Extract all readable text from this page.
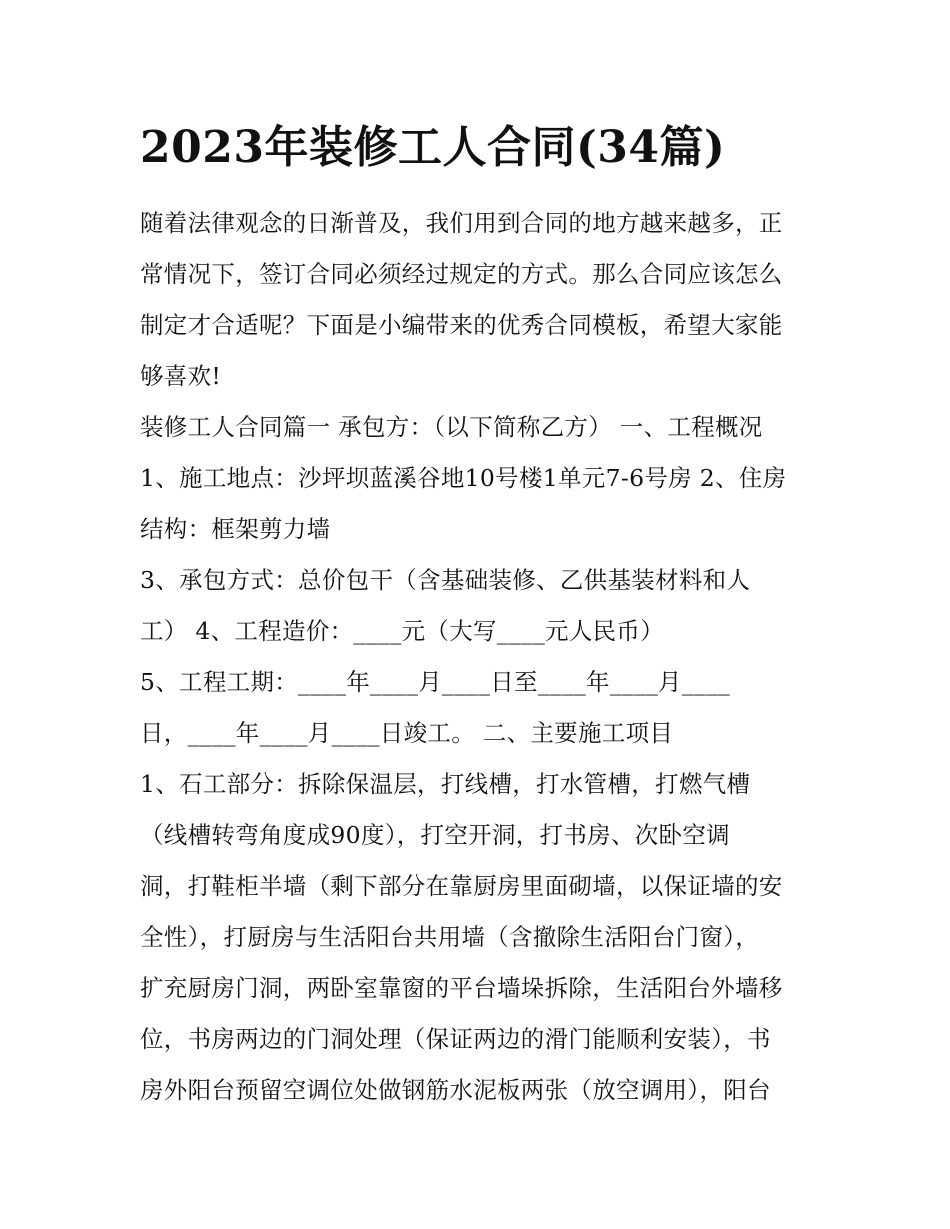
2023年装修工人合同(34篇)
随着法律观念的日渐普及，我们用到合同的地方越来越多，正
常情况下，签订合同必须经过规定的方式。那么合同应该怎么
制定才合适呢？下面是小编带来的优秀合同模板，希望大家能
够喜欢!
装修工人合同篇一 承包方：（以下简称乙方） 一、工程概况
1、施工地点：沙坪坝蓝溪谷地10号楼1单元7-6号房 2、住房
结构：框架剪力墙
3、承包方式：总价包干（含基础装修、乙供基装材料和人
工） 4、工程造价：____元（大写____元人民币）
5、工程工期：____年____月____日至____年____月____
日，____年____月____日竣工。 二、主要施工项目
1、石工部分：拆除保温层，打线槽，打水管槽，打燃气槽
（线槽转弯角度成90度），打空开洞，打书房、次卧空调
洞，打鞋柜半墙（剩下部分在靠厨房里面砌墙，以保证墙的安
全性），打厨房与生活阳台共用墙（含撤除生活阳台门窗），
扩充厨房门洞，两卧室靠窗的平台墙垛拆除，生活阳台外墙移
位，书房两边的门洞处理（保证两边的滑门能顺利安装），书
房外阳台预留空调位处做钢筋水泥板两张（放空调用），阳台
